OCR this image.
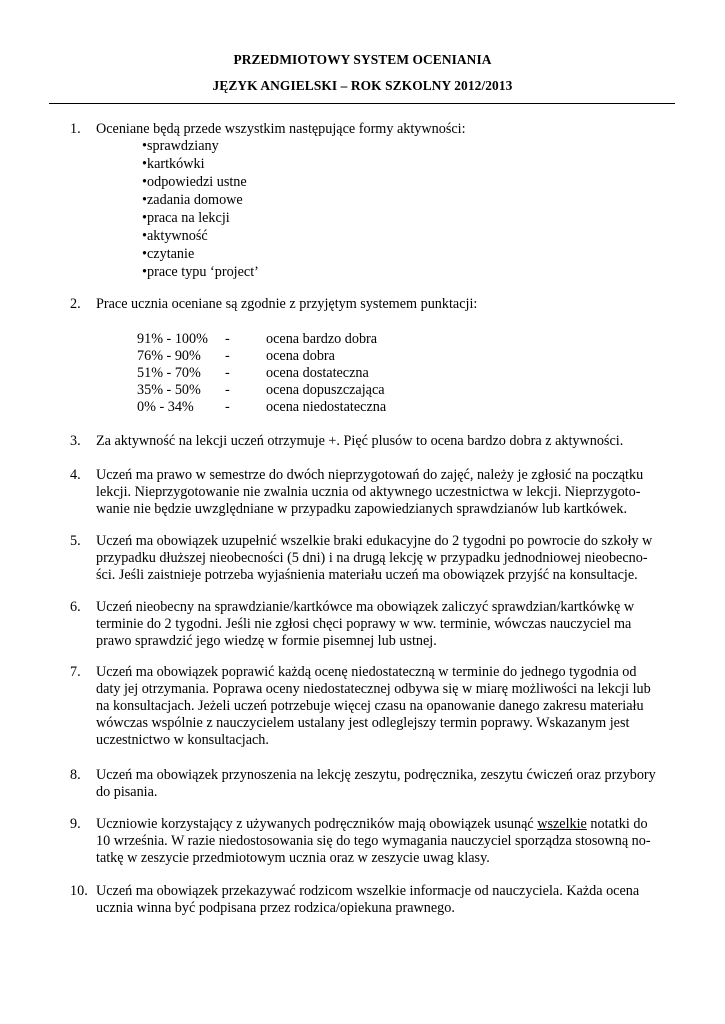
PRZEDMIOTOWY SYSTEM OCENIANIA
JĘZYK ANGIELSKI – ROK SZKOLNY 2012/2013
1. Oceniane będą przede wszystkim następujące formy aktywności:
• sprawdziany
• kartkówki
• odpowiedzi ustne
• zadania domowe
• praca na lekcji
• aktywność
• czytanie
• prace typu ‘project’
2. Prace ucznia oceniane są zgodnie z przyjętym systemem punktacji:
91% - 100% -	ocena bardzo dobra
76% - 90% -	ocena dobra
51% - 70% -	ocena dostateczna
35% - 50% -	ocena dopuszczająca
0% - 34% -	ocena niedostateczna
3. Za aktywność na lekcji uczeń otrzymuje +. Pięć plusów to ocena bardzo dobra z aktywności.
4. Uczeń ma prawo w semestrze do dwóch nieprzygotowań do zajęć, należy je zgłosić na początku
lekcji. Nieprzygotowanie nie zwalnia ucznia od aktywnego uczestnictwa w lekcji. Nieprzygoto-
wanie nie będzie uwzględniane w przypadku zapowiedzianych sprawdzianów lub kartkówek.
5. Uczeń ma obowiązek uzupełnić wszelkie braki edukacyjne do 2 tygodni po powrocie do szkoły w
przypadku dłuższej nieobecności (5 dni) i na drugą lekcję w przypadku jednodniowej nieobecno-
ści. Jeśli zaistnieje potrzeba wyjaśnienia materiału uczeń ma obowiązek przyjść na konsultacje.
6. Uczeń nieobecny na sprawdzianie/kartkówce ma obowiązek zaliczyć sprawdzian/kartkówkę w
terminie do 2 tygodni. Jeśli nie zgłosi chęci poprawy w ww. terminie, wówczas nauczyciel ma
prawo sprawdzić jego wiedzę w formie pisemnej lub ustnej.
7. Uczeń ma obowiązek poprawić każdą ocenę niedostateczną w terminie do jednego tygodnia od
daty jej otrzymania. Poprawa oceny niedostatecznej odbywa się w miarę możliwości na lekcji lub
na konsultacjach. Jeżeli uczeń potrzebuje więcej czasu na opanowanie danego zakresu materiału
wówczas wspólnie z nauczycielem ustalany jest odleglejszy termin poprawy. Wskazanym jest
uczestnictwo w konsultacjach.
8. Uczeń ma obowiązek przynoszenia na lekcję zeszytu, podręcznika, zeszytu ćwiczeń oraz przybory
do pisania.
9. Uczniowie korzystający z używanych podręczników mają obowiązek usunąć wszelkie notatki do
10 września. W razie niedostosowania się do tego wymagania nauczyciel sporządza stosowną no-
tatkę w zeszycie przedmiotowym ucznia oraz w zeszycie uwag klasy.
10. Uczeń ma obowiązek przekazywać rodzicom wszelkie informacje od nauczyciela. Każda ocena
ucznia winna być podpisana przez rodzica/opiekuna prawnego.
